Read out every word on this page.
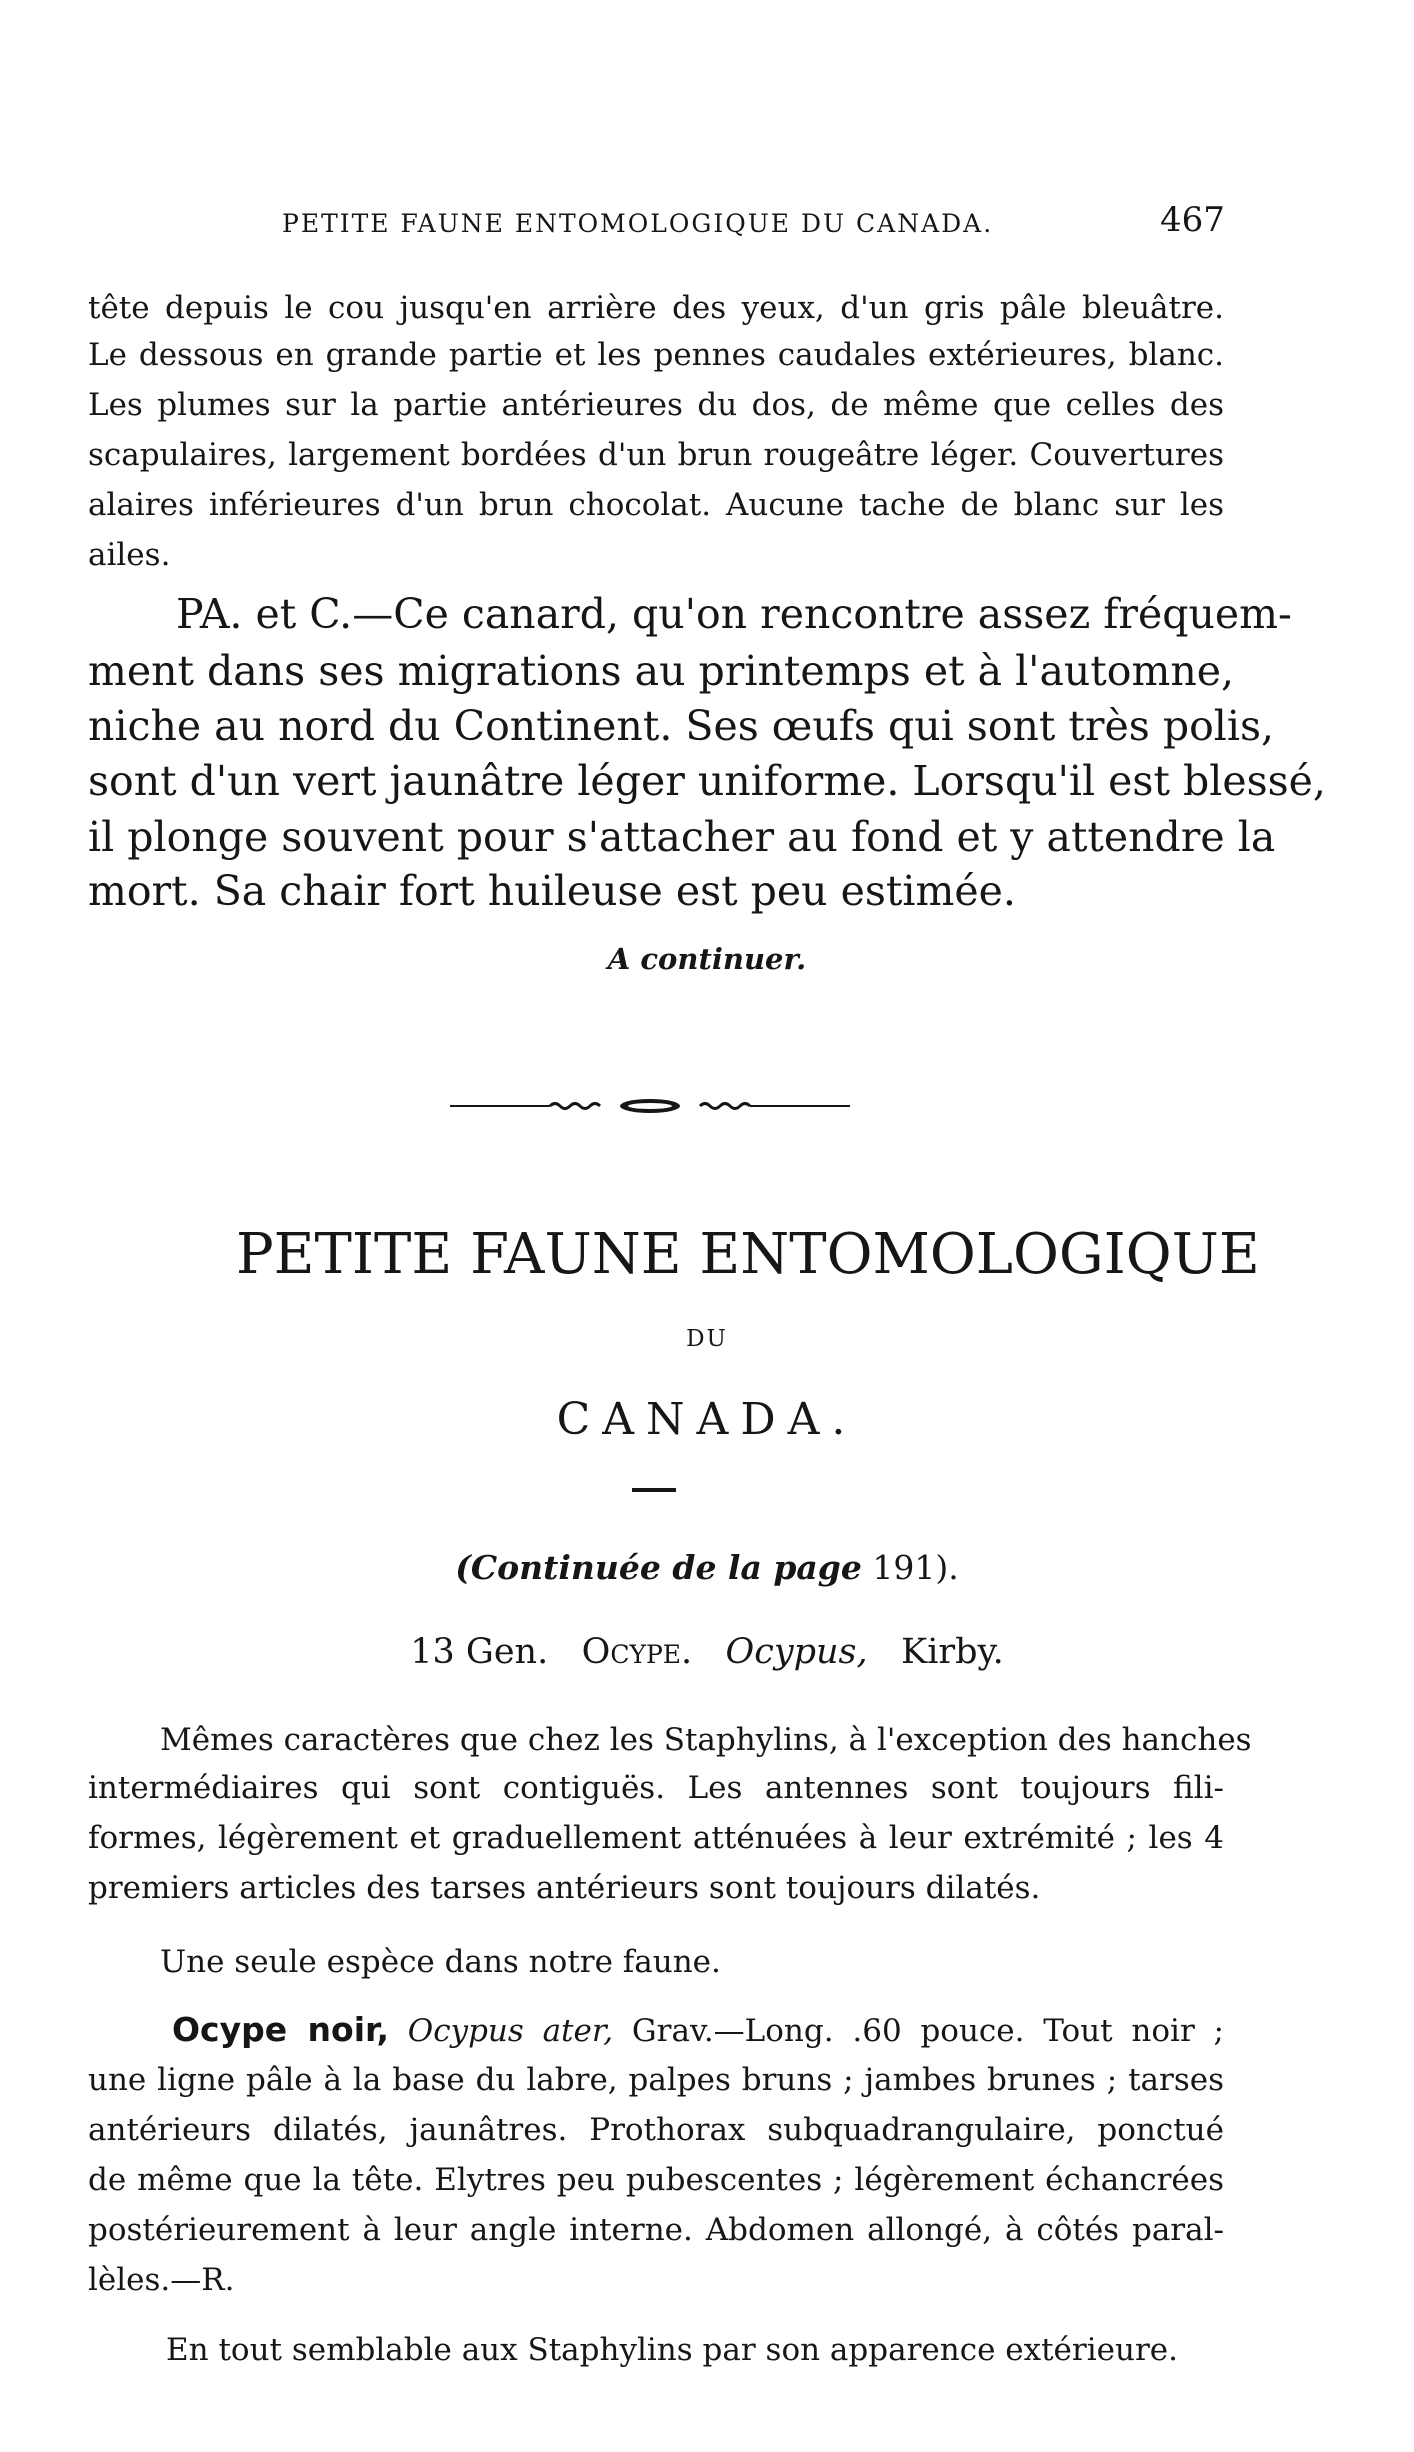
PETITE FAUNE ENTOMOLOGIQUE DU CANADA.	467
tête depuis le cou jusqu'en arrière des yeux, d'un gris pâle bleuâtre.
Le dessous en grande partie et les pennes caudales extérieures, blanc.
Les plumes sur la partie antérieures du dos, de même que celles des
scapulaires, largement bordées d'un brun rougeâtre léger. Couvertures
alaires inférieures d'un brun chocolat. Aucune tache de blanc sur les
ailes.
PA. et C.—Ce canard, qu'on rencontre assez fréquem-
ment dans ses migrations au printemps et à l'automne,
niche au nord du Continent. Ses œufs qui sont très polis,
sont d'un vert jaunâtre léger uniforme. Lorsqu'il est blessé,
il plonge souvent pour s'attacher au fond et y attendre la
mort. Sa chair fort huileuse est peu estimée.
A continuer.
PETITE FAUNE ENTOMOLOGIQUE
DU
CANADA.
(Continuée de la page 191).
13 Gen. Ocype. Ocypus, Kirby.
Mêmes caractères que chez les Staphylins, à l'exception des hanches
intermédiaires qui sont contiguës. Les antennes sont toujours fili-
formes, légèrement et graduellement atténuées à leur extrémité ; les 4
premiers articles des tarses antérieurs sont toujours dilatés.
Une seule espèce dans notre faune.
Ocype noir, Ocypus ater, Grav.—Long. .60 pouce. Tout noir ;
une ligne pâle à la base du labre, palpes bruns ; jambes brunes ; tarses
antérieurs dilatés, jaunâtres. Prothorax subquadrangulaire, ponctué
de même que la tête. Elytres peu pubescentes ; légèrement échancrées
postérieurement à leur angle interne. Abdomen allongé, à côtés paral-
lèles.—R.
En tout semblable aux Staphylins par son apparence extérieure.
